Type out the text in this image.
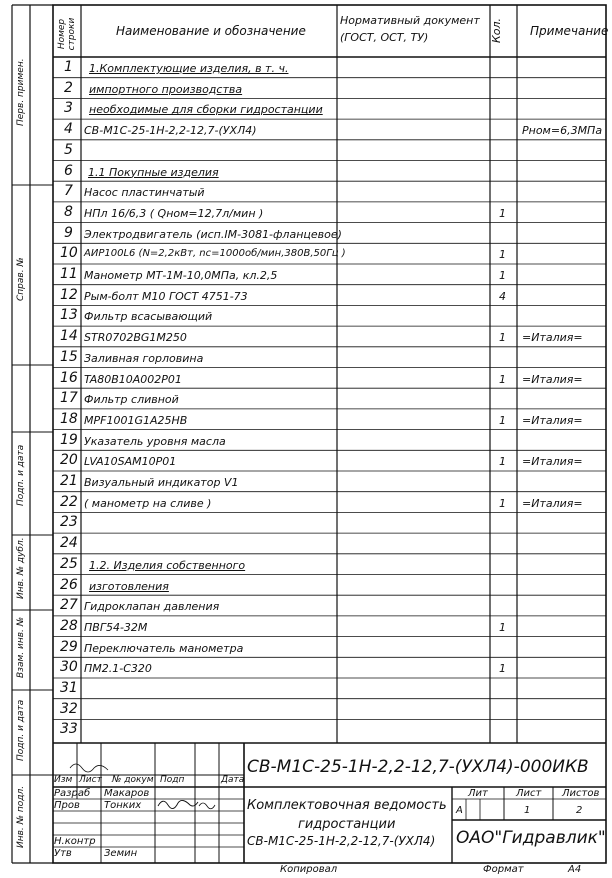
Номер строки	Наименование и обозначение
Нормативный документ (ГОСТ, ОСТ, ТУ)	Кол. Примечание
Перв. примен.
Справ. №
Подп. и дата
Инв. № дубл.
Взам. инв. №
Подп. и дата
Инв. № подл.
1 1.Комплектующие изделия, в т. ч.
2 импортного производства
3 необходимые для сборки гидростанции
4 СВ-М1С-25-1Н-2,2-12,7-(УХЛ4)	Рном=6,3МПа
5
6 1.1 Покупные изделия
7 Насос пластинчатый
8 НПл 16/6,3 ( Qном=12,7л/мин )	1
9 Электродвигатель (исп.IM-3081-фланцевое)
10 АИР100L6 (N=2,2кВт, nс=1000об/мин,380В,50Гц )	1
11 Манометр МТ-1М-10,0МПа, кл.2,5	1
12 Рым-болт М10 ГОСТ 4751-73	4
13 Фильтр всасывающий
14 STR0702BG1M250	1 =Италия=
15 Заливная горловина
16 TA80B10A002P01	1 =Италия=
17 Фильтр сливной
18 MPF1001G1A25HB	1 =Италия=
19 Указатель уровня масла
20 LVA10SAM10P01	1 =Италия=
21 Визуальный индикатор V1
22 ( манометр на сливе )	1 =Италия=
23
24
25 1.2. Изделия собственного
26 изготовления
27 Гидроклапан давления
28 ПВГ54-32М	1
29 Переключатель манометра
30 ПМ2.1-С320	1
31
32
33
СВ-М1С-25-1Н-2,2-12,7-(УХЛ4)-000ИКВ
Изм Лист № докум Подп	Дата
Разраб Макаров
Пров Тонких
Н.контр
Утв	Земин
Комплектовочная ведомость
гидростанции
СВ-М1С-25-1Н-2,2-12,7-(УХЛ4)
Лит
А
Лист
1
Листов
2
ОАО"Гидравлик"
Копировал	Формат	А4
